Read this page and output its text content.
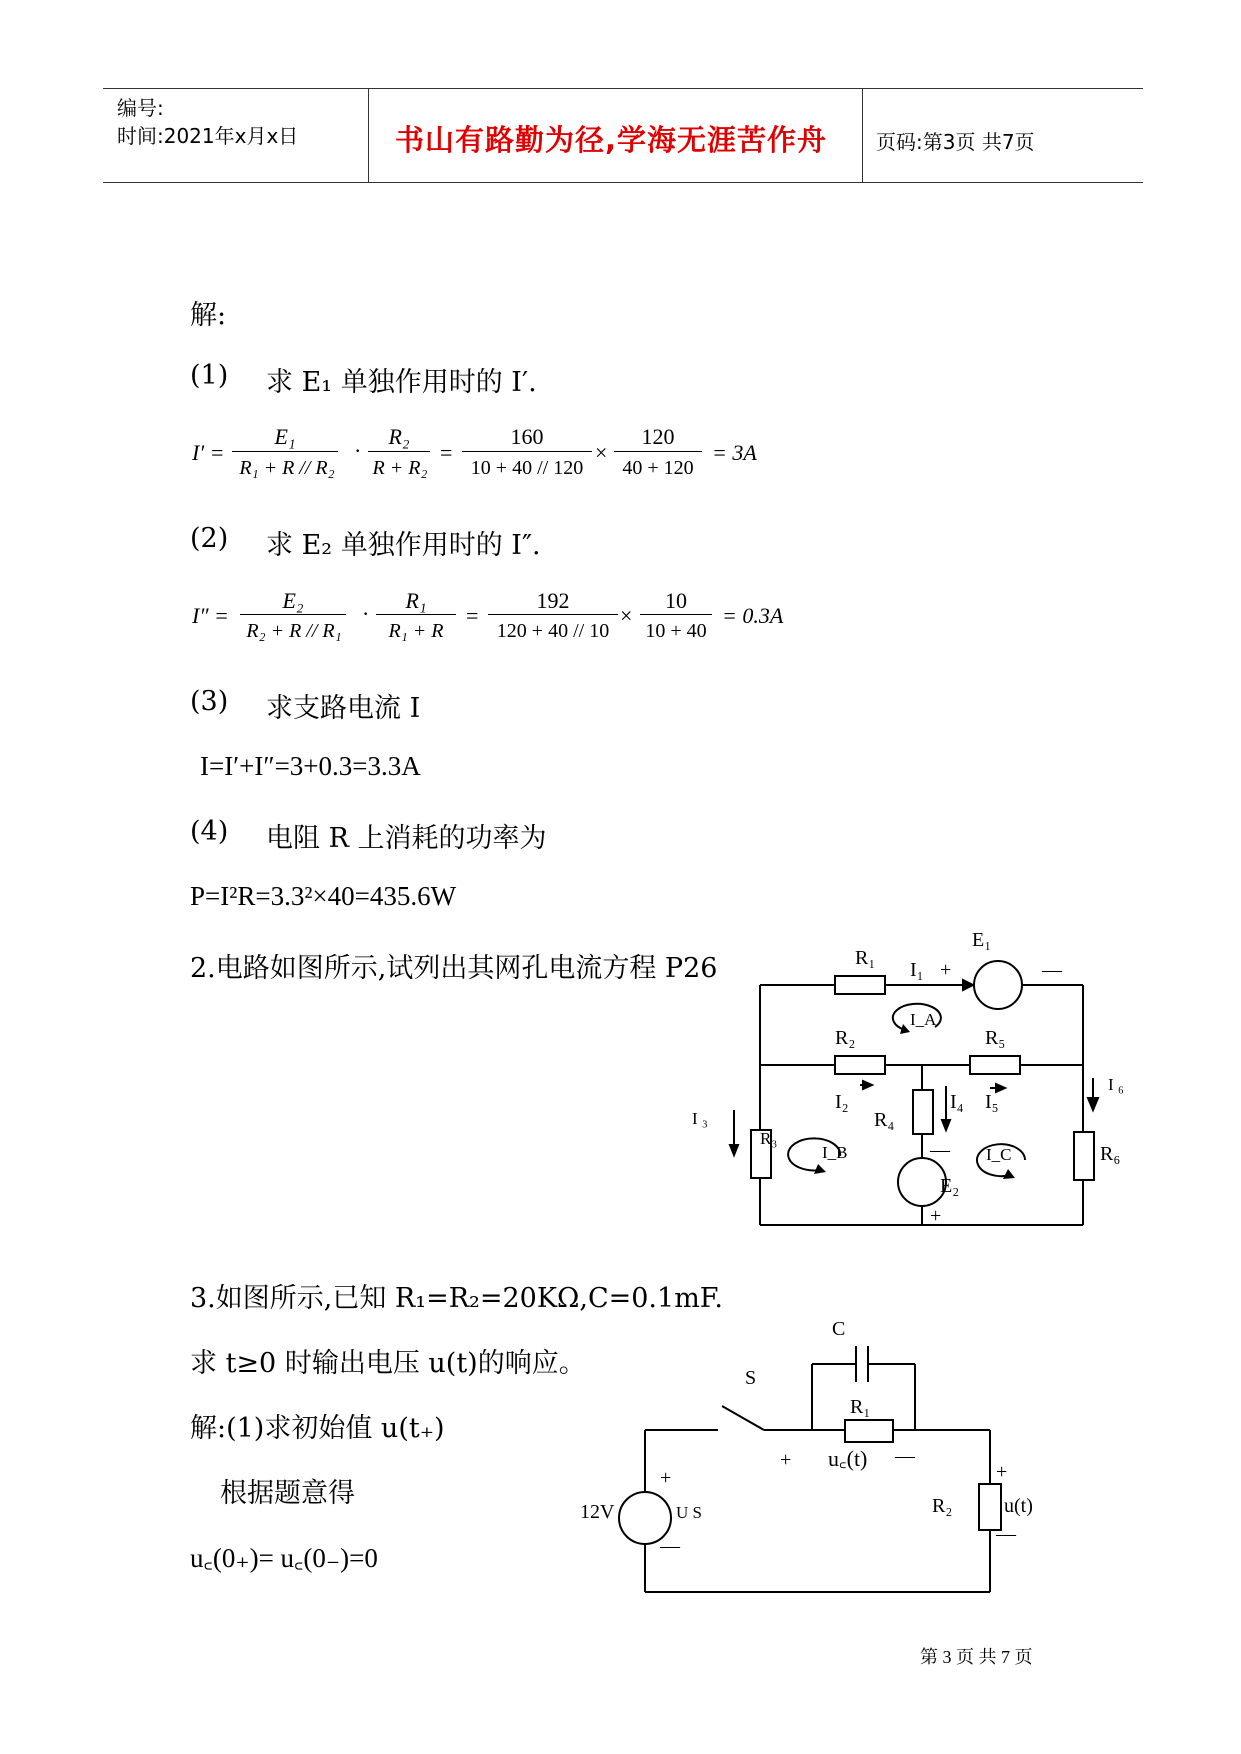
编号:
时间:2021年x月x日	书山有路勤为径,学海无涯苦作舟 页码:第3页 共7页
解:
(1) 求 E₁ 单独作用时的 I′.
I′ =
E₁
R₁ + R // R₂
·
R₂
R + R₂
=
160
10 + 40 // 120
×
120
40 + 120
= 3A
(2) 求 E₂ 单独作用时的 I″.
I″ =
E₂
R₂ + R // R₁
·
R₁
R₁ + R
=
192
120 + 40 // 10
×
10
10 + 40
= 0.3A
(3) 求支路电流 I
I=I′+I″=3+0.3=3.3A
(4) 电阻 R 上消耗的功率为
P=I²R=3.3²×40=435.6W
2.电路如图所示,试列出其网孔电流方程 P26	R₁
I₁ +	—
E₁
I_A
R₂	R₅
I₂	I₄ I₅
I ₆
I ₃
R₃
R₄
I_B	I_C
—
E₂
+
R₆
3.如图所示,已知 R₁=R₂=20KΩ,C=0.1mF.
求 t≥0 时输出电压 u(t)的响应。
解:(1)求初始值 u(t₊)
根据题意得
u꜀(0₊)= u꜀(0₋)=0
C
S
R₁
+	—
u꜀(t)
+
—
12V	U S	R₂
+
u(t)
—
第 3 页 共 7 页
